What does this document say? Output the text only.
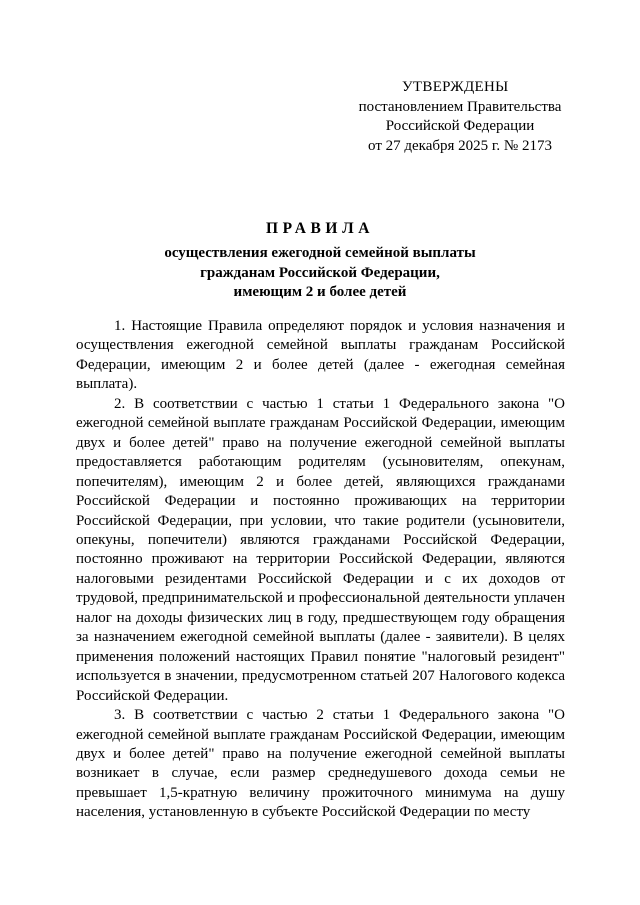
УТВЕРЖДЕНЫ
постановлением Правительства
Российской Федерации
от 27 декабря 2025 г. № 2173
ПРАВИЛА
осуществления ежегодной семейной выплаты
гражданам Российской Федерации,
имеющим 2 и более детей

1. Настоящие Правила определяют порядок и условия назначения и осуществления ежегодной семейной выплаты гражданам Российской Федерации, имеющим 2 и более детей (далее - ежегодная семейная выплата).

2. В соответствии с частью 1 статьи 1 Федерального закона "О ежегодной семейной выплате гражданам Российской Федерации, имеющим двух и более детей" право на получение ежегодной семейной выплаты предоставляется работающим родителям (усыновителям, опекунам, попечителям), имеющим 2 и более детей, являющихся гражданами Российской Федерации и постоянно проживающих на территории Российской Федерации, при условии, что такие родители (усыновители, опекуны, попечители) являются гражданами Российской Федерации, постоянно проживают на территории Российской Федерации, являются налоговыми резидентами Российской Федерации и с их доходов от трудовой, предпринимательской и профессиональной деятельности уплачен налог на доходы физических лиц в году, предшествующем году обращения за назначением ежегодной семейной выплаты (далее - заявители). В целях применения положений настоящих Правил понятие "налоговый резидент" используется в значении, предусмотренном статьей 207 Налогового кодекса Российской Федерации.

3. В соответствии с частью 2 статьи 1 Федерального закона "О ежегодной семейной выплате гражданам Российской Федерации, имеющим двух и более детей" право на получение ежегодной семейной выплаты возникает в случае, если размер среднедушевого дохода семьи не превышает 1,5-кратную величину прожиточного минимума на душу населения, установленную в субъекте Российской Федерации по месту
